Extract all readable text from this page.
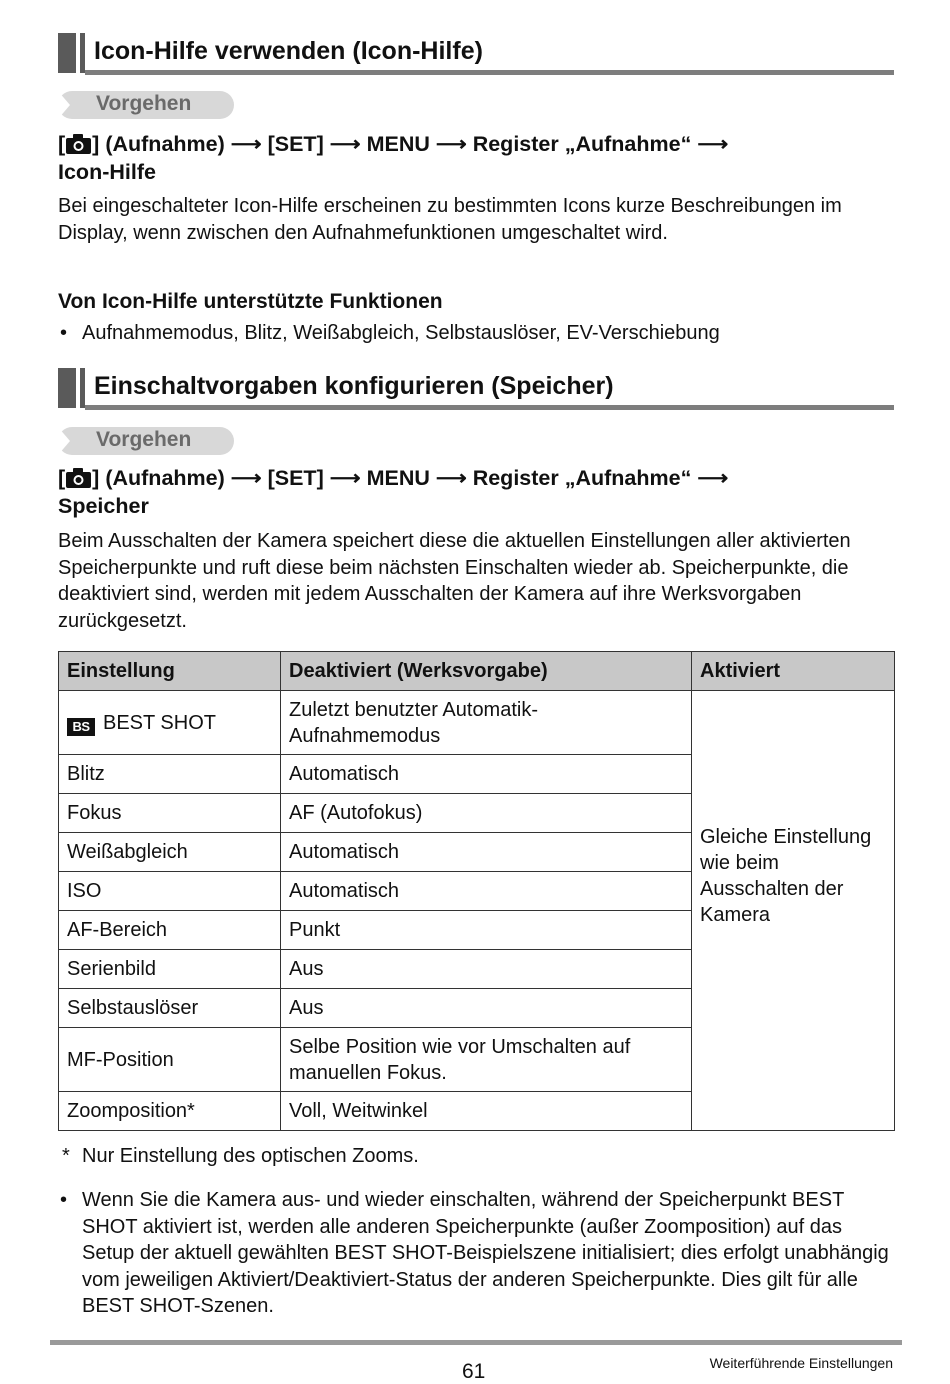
Icon-Hilfe verwenden (Icon-Hilfe)
Vorgehen
[ ] (Aufnahme) ⟶ [SET] ⟶ MENU ⟶ Register „Aufnahme“ ⟶
Icon-Hilfe
Bei eingeschalteter Icon-Hilfe erscheinen zu bestimmten Icons kurze Beschreibungen im Display, wenn zwischen den Aufnahmefunktionen umgeschaltet wird.
Von Icon-Hilfe unterstützte Funktionen
• Aufnahmemodus, Blitz, Weißabgleich, Selbstauslöser, EV-Verschiebung
Einschaltvorgaben konfigurieren (Speicher)
Vorgehen
[ ] (Aufnahme) ⟶ [SET] ⟶ MENU ⟶ Register „Aufnahme“ ⟶
Speicher
Beim Ausschalten der Kamera speichert diese die aktuellen Einstellungen aller aktivierten Speicherpunkte und ruft diese beim nächsten Einschalten wieder ab. Speicherpunkte, die deaktiviert sind, werden mit jedem Ausschalten der Kamera auf ihre Werksvorgaben zurückgesetzt.
Einstellung	Deaktiviert (Werksvorgabe)	Aktiviert
BS BEST SHOT	Zuletzt benutzter Automatik-Aufnahmemodus	Gleiche Einstellung wie beim Ausschalten der Kamera
Blitz	Automatisch	
Fokus	AF (Autofokus)	
Weißabgleich	Automatisch	
ISO	Automatisch	
AF-Bereich	Punkt	
Serienbild	Aus	
Selbstauslöser	Aus	
MF-Position	Selbe Position wie vor Umschalten auf manuellen Fokus.	
Zoomposition*	Voll, Weitwinkel	
* Nur Einstellung des optischen Zooms.
• Wenn Sie die Kamera aus- und wieder einschalten, während der Speicherpunkt BEST SHOT aktiviert ist, werden alle anderen Speicherpunkte (außer Zoomposition) auf das Setup der aktuell gewählten BEST SHOT-Beispielszene initialisiert; dies erfolgt unabhängig vom jeweiligen Aktiviert/Deaktiviert-Status der anderen Speicherpunkte. Dies gilt für alle BEST SHOT-Szenen.
61	Weiterführende Einstellungen
